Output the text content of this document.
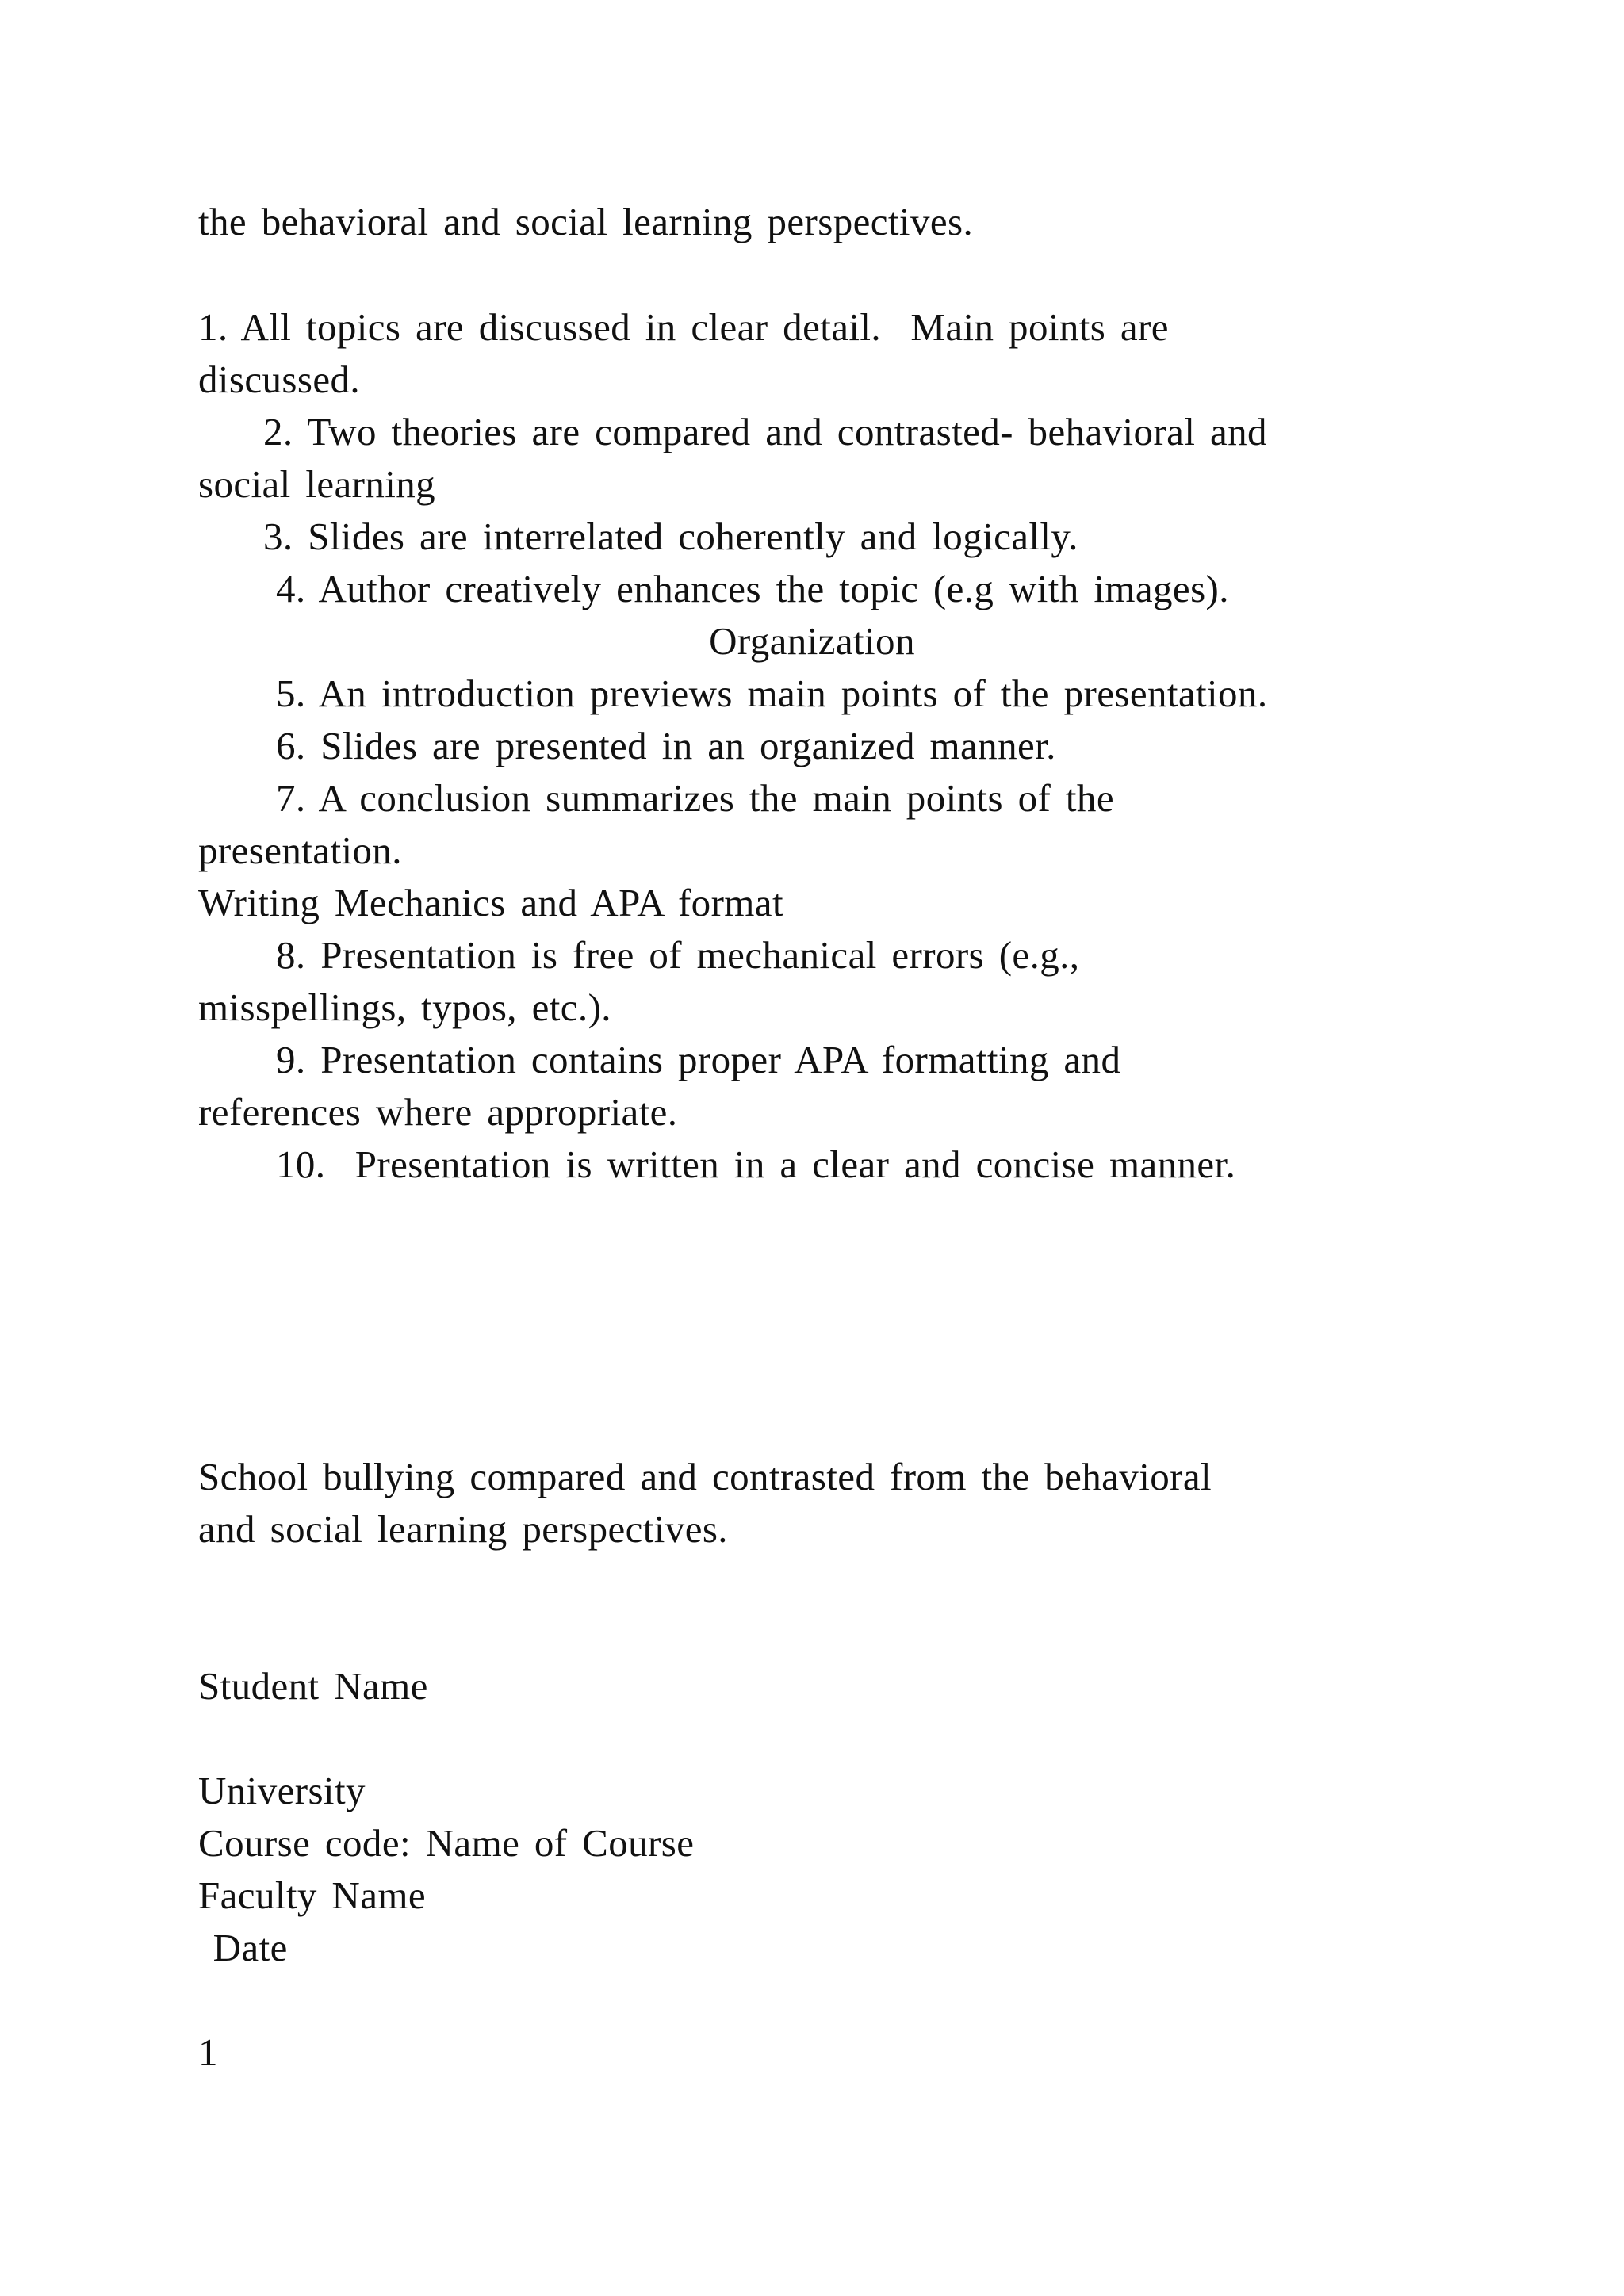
the behavioral and social learning perspectives.
1. All topics are discussed in clear detail.  Main points are
discussed.
2. Two theories are compared and contrasted- behavioral and
social learning
3. Slides are interrelated coherently and logically.
4. Author creatively enhances the topic (e.g with images).
Organization
5. An introduction previews main points of the presentation.
6. Slides are presented in an organized manner.
7. A conclusion summarizes the main points of the
presentation.
Writing Mechanics and APA format
8. Presentation is free of mechanical errors (e.g.,
misspellings, typos, etc.).
9. Presentation contains proper APA formatting and
references where appropriate.
10.  Presentation is written in a clear and concise manner.
School bullying compared and contrasted from the behavioral
and social learning perspectives.
Student Name
University
Course code: Name of Course
Faculty Name
Date
1
